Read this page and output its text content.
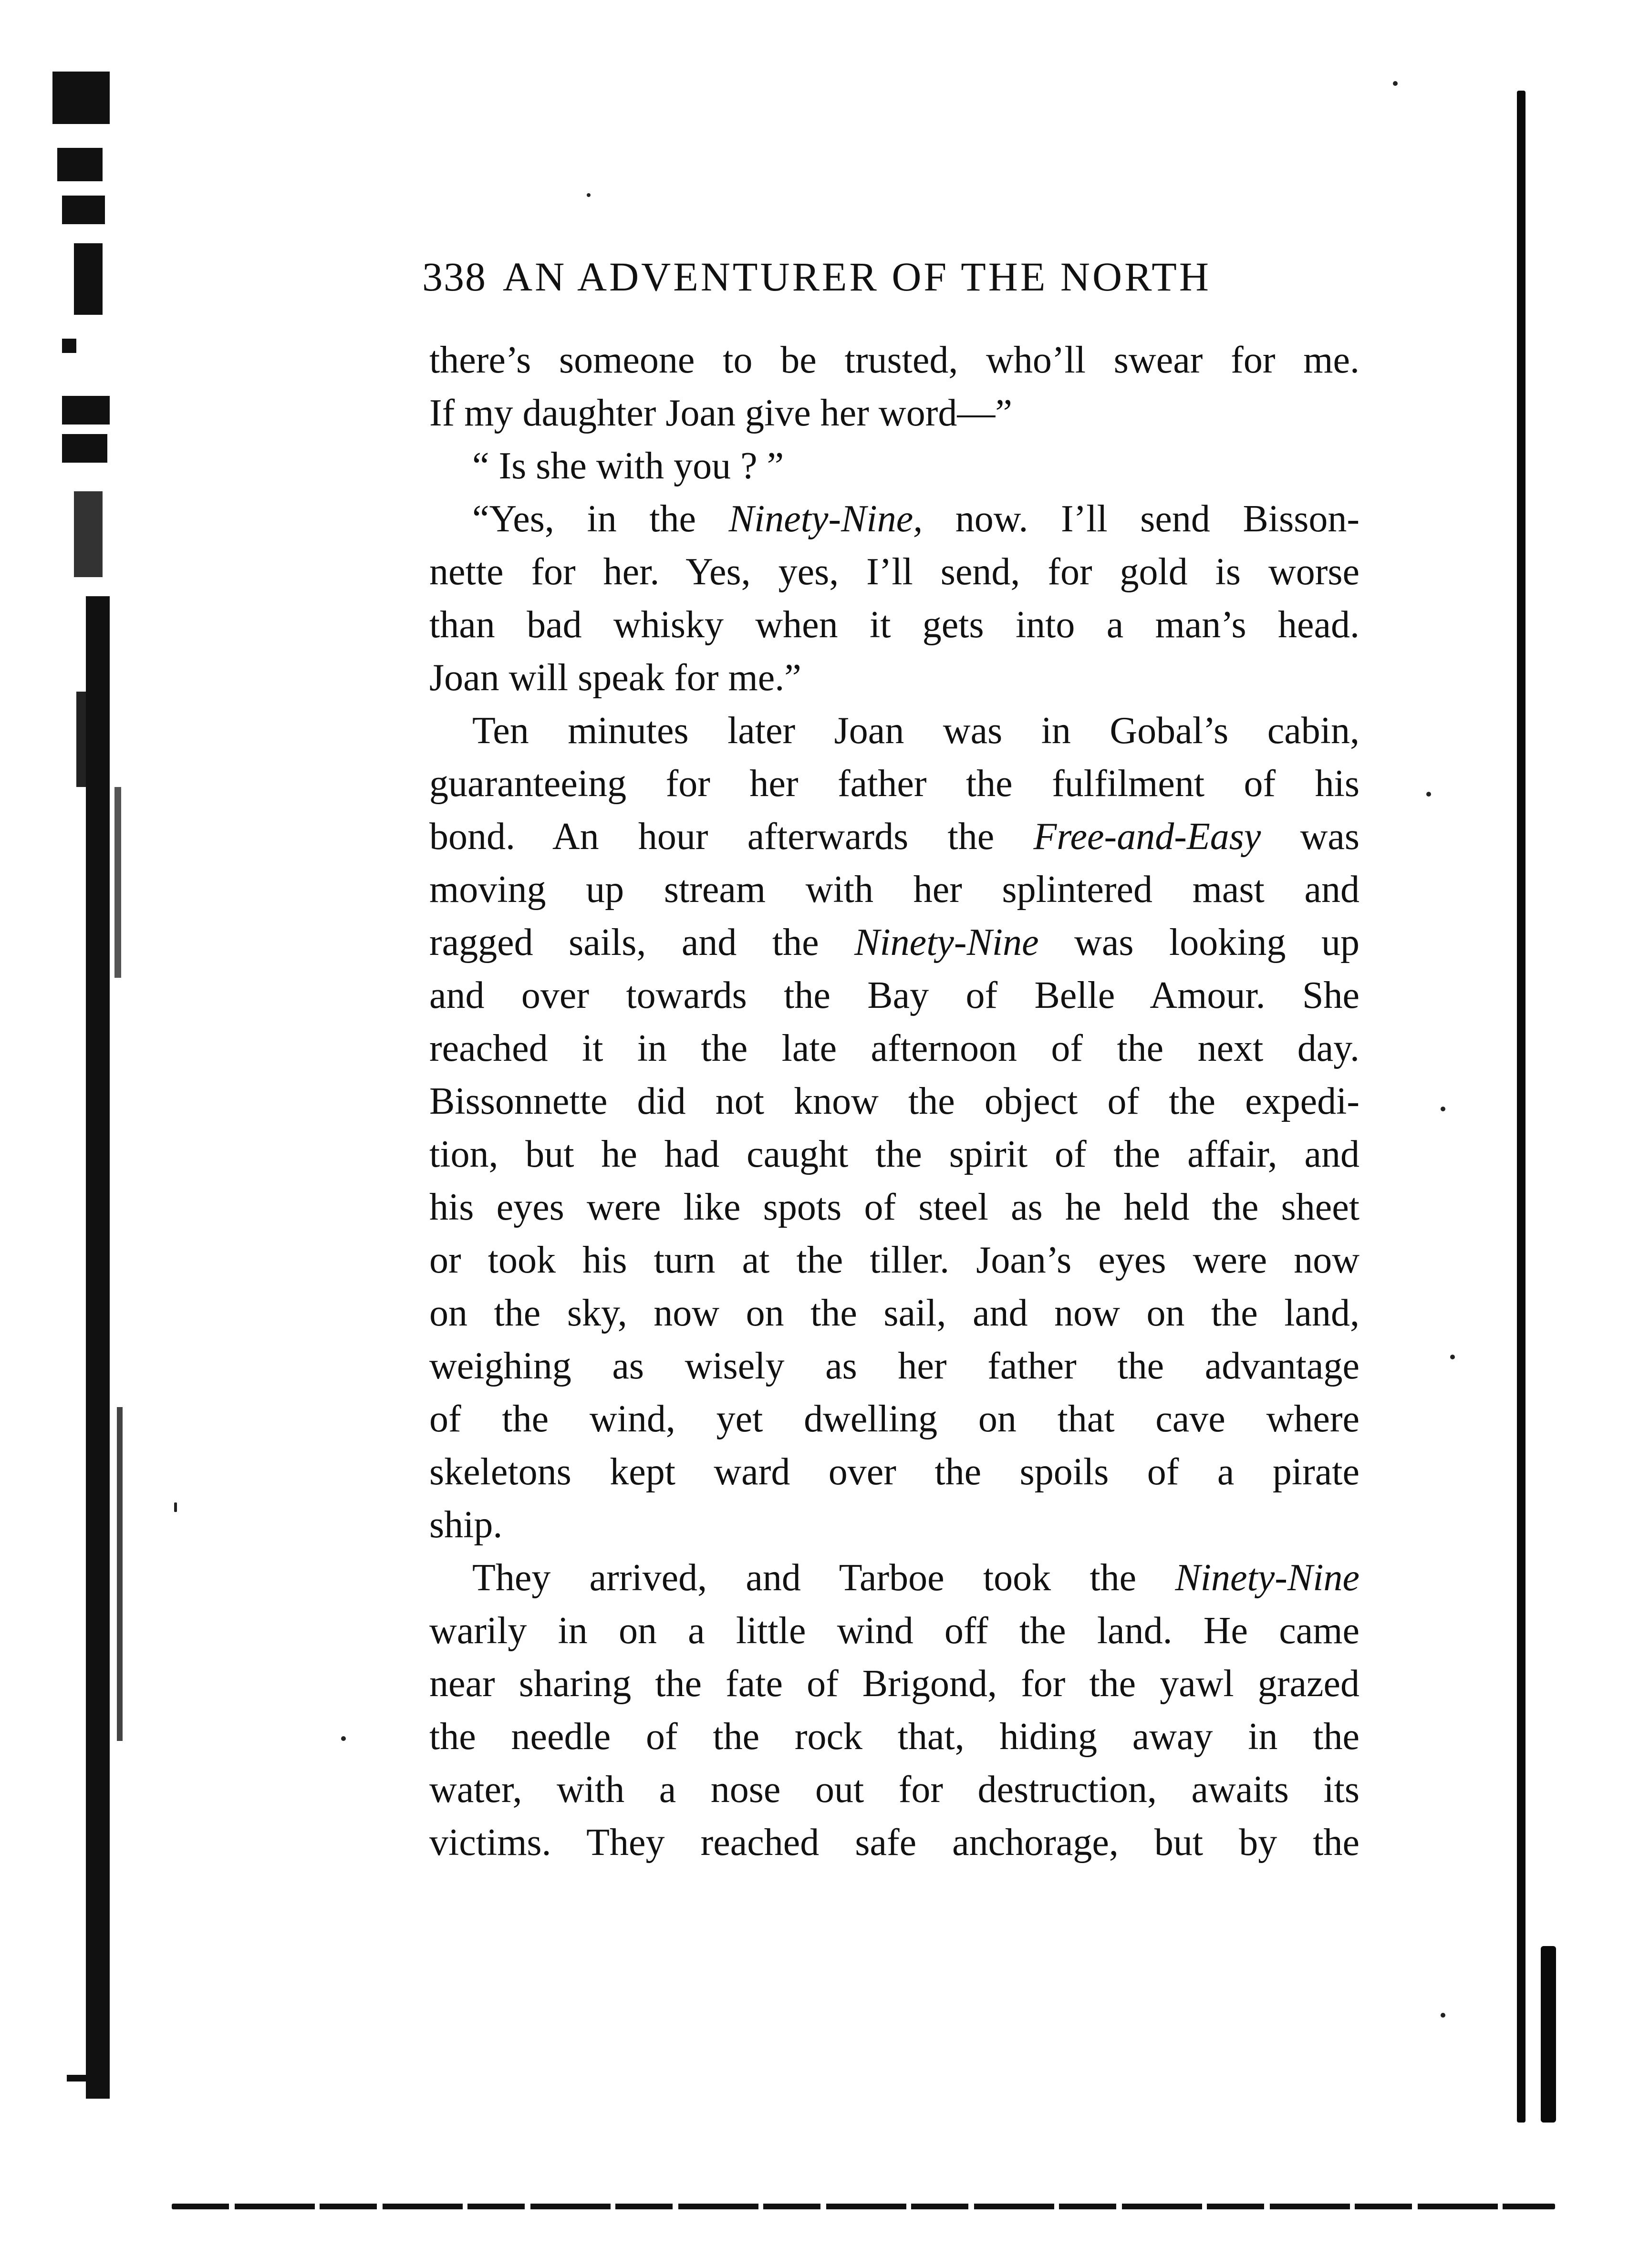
338 AN ADVENTURER OF THE NORTH
there’s someone to be trusted, who’ll swear for me.
If my daughter Joan give her word—”
“ Is she with you ? ”
“Yes, in the Ninety-Nine, now. I’ll send Bisson-
nette for her. Yes, yes, I’ll send, for gold is worse
than bad whisky when it gets into a man’s head.
Joan will speak for me.”
Ten minutes later Joan was in Gobal’s cabin,
guaranteeing for her father the fulfilment of his
bond. An hour afterwards the Free-and-Easy was
moving up stream with her splintered mast and
ragged sails, and the Ninety-Nine was looking up
and over towards the Bay of Belle Amour. She
reached it in the late afternoon of the next day.
Bissonnette did not know the object of the expedi-
tion, but he had caught the spirit of the affair, and
his eyes were like spots of steel as he held the sheet
or took his turn at the tiller. Joan’s eyes were now
on the sky, now on the sail, and now on the land,
weighing as wisely as her father the advantage
of the wind, yet dwelling on that cave where
skeletons kept ward over the spoils of a pirate
ship.
They arrived, and Tarboe took the Ninety-Nine
warily in on a little wind off the land. He came
near sharing the fate of Brigond, for the yawl grazed
the needle of the rock that, hiding away in the
water, with a nose out for destruction, awaits its
victims. They reached safe anchorage, but by the
